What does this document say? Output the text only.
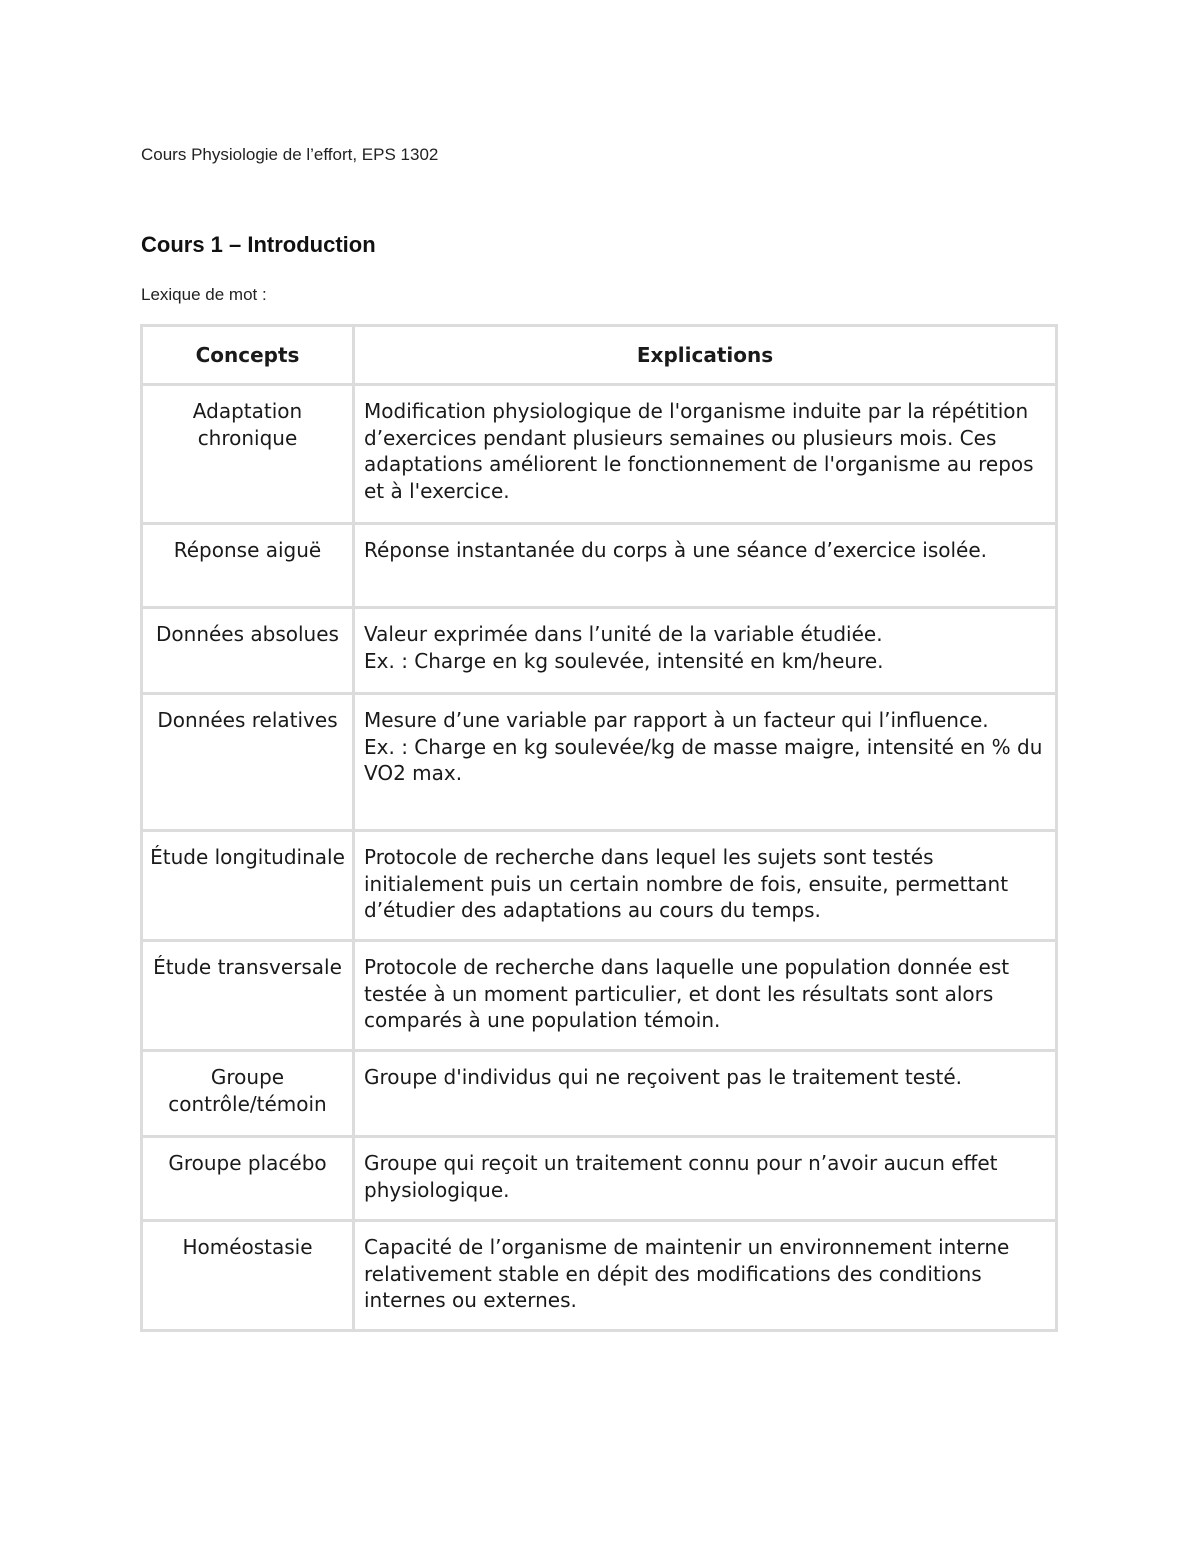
Cours Physiologie de l’effort, EPS 1302

Cours 1 – Introduction

Lexique de mot :

Concepts	Explications
Adaptation chronique	Modification physiologique de l'organisme induite par la répétition d’exercices pendant plusieurs semaines ou plusieurs mois. Ces adaptations améliorent le fonctionnement de l'organisme au repos et à l'exercice.

Réponse aiguë	Réponse instantanée du corps à une séance d’exercice isolée.

Données absolues	Valeur exprimée dans l’unité de la variable étudiée.
Ex. : Charge en kg soulevée, intensité en km/heure.

Données relatives	Mesure d’une variable par rapport à un facteur qui l’influence.
Ex. : Charge en kg soulevée/kg de masse maigre, intensité en % du VO2 max.

Étude longitudinale	Protocole de recherche dans lequel les sujets sont testés initialement puis un certain nombre de fois, ensuite, permettant d’étudier des adaptations au cours du temps.

Étude transversale	Protocole de recherche dans laquelle une population donnée est testée à un moment particulier, et dont les résultats sont alors comparés à une population témoin.

Groupe contrôle/témoin	Groupe d'individus qui ne reçoivent pas le traitement testé.

Groupe placébo	Groupe qui reçoit un traitement connu pour n’avoir aucun effet physiologique.

Homéostasie	Capacité de l’organisme de maintenir un environnement interne relativement stable en dépit des modifications des conditions internes ou externes.
